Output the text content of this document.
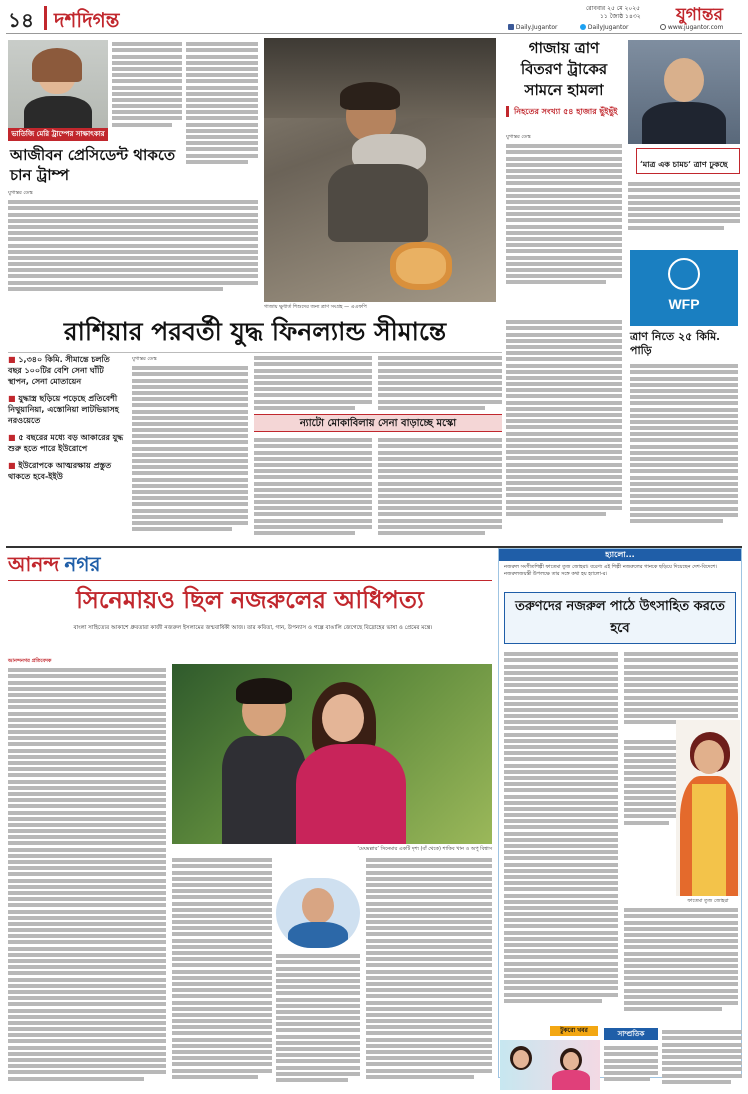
১৪ দশদিগন্ত	রোববার ২৫ মে ২০২৫
১১ জ্যৈষ্ঠ ১৪৩২ যুগান্তর
Daily.Jugantor	DailyJugantor	www.jugantor.com
ভাতিজি মেরি ট্রাম্পের সাক্ষাৎকার
আজীবন প্রেসিডেন্ট থাকতে চান ট্রাম্প
যুগান্তর ডেস্ক
গাজায় ক্ষুধার্ত শিশুদের জন্য ত্রাণ সংগ্রহ — এএফপি
গাজায় ত্রাণ বিতরণ ট্রাকের সামনে হামলা
নিহতের সংখ্যা ৫৪ হাজার ছুঁইছুঁই
‘মাত্র এক চামচ’ ত্রাণ ঢুকছে
যুগান্তর ডেস্ক
WFP
ত্রাণ নিতে ২৫ কিমি. পাড়ি
রাশিয়ার পরবর্তী যুদ্ধ ফিনল্যান্ড সীমান্তে
■ ১,৩৪০ কিমি. সীমান্তে চলতি বছর ১০০টির বেশি সেনা ঘাঁটি স্থাপন, সেনা মোতায়েন
■ যুদ্ধাস্ত্র ছড়িয়ে পড়েছে প্রতিবেশী নিথুয়ানিয়া, এস্তোনিয়া লাটভিয়াসহ নরওয়েতে
■ ৫ বছরের মধ্যে বড় আকারের যুদ্ধ শুরু হতে পারে ইউরোপে
■ ইউরোপকে আত্মরক্ষায় প্রস্তুত থাকতে হবে-ইইউ
যুগান্তর ডেস্ক
ন্যাটো মোকাবিলায় সেনা বাড়াচ্ছে মস্কো
আনন্দ নগর
সিনেমায়ও ছিল নজরুলের আধিপত্য
বাংলা সাহিত্যের আকাশে ধ্রুবতারা কাজী নজরুল ইসলামের জন্মবার্ষিকী আজ। তার কবিতা, গান, উপন্যাস ও গল্পে বাঙালি জেগেছে বিদ্রোহের ভাষা ও প্রেমের মন্ত্রে।
আনন্দনগর প্রতিবেদক
‘মেঘমল্লার’ সিনেমার একটি দৃশ্য (বাঁ থেকে) শাকিব খান ও অপু বিশ্বাস
হ্যালো...
নজরুল সংগীতশিল্পী ফাতেমা তুজ জোহরা। বরেণ্য এই শিল্পী নজরুলের গানকে ছড়িয়ে দিয়েছেন দেশ-বিদেশে। নজরুলজয়ন্তী উপলক্ষে তার সঙ্গে কথা হয় হ্যালো-র।
তরুণদের নজরুল পাঠে উৎসাহিত করতে হবে
ফাতেমা তুজ জোহরা
সাম্প্রতিক
টুকরো খবর
